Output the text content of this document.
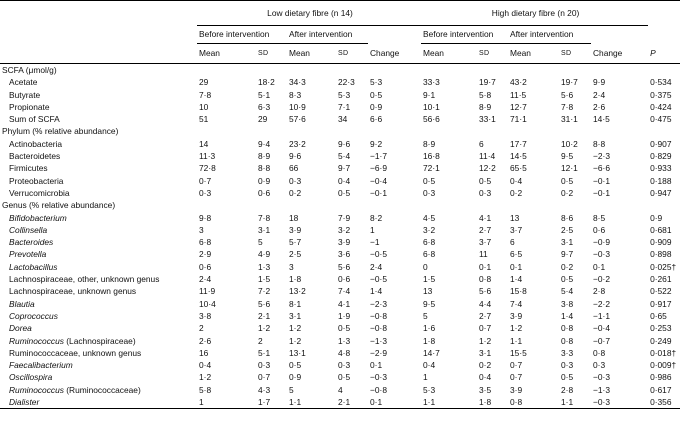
	Low dietary fibre (n 14)					High dietary fibre (n 20)					
	Before intervention		After intervention			Before intervention		After intervention			
	Mean	SD	Mean	SD	Change	Mean	SD	Mean	SD	Change	P
SCFA (μmol/g)											
Acetate	29	18·2	34·3	22·3	5·3	33·3	19·7	43·2	19·7	9·9	0·534
Butyrate	7·8	5·1	8·3	5·3	0·5	9·1	5·8	11·5	5·6	2·4	0·375
Propionate	10	6·3	10·9	7·1	0·9	10·1	8·9	12·7	7·8	2·6	0·424
Sum of SCFA	51	29	57·6	34	6·6	56·6	33·1	71·1	31·1	14·5	0·475
Phylum (% relative abundance)											
Actinobacteria	14	9·4	23·2	9·6	9·2	8·9	6	17·7	10·2	8·8	0·907
Bacteroidetes	11·3	8·9	9·6	5·4	−1·7	16·8	11·4	14·5	9·5	−2·3	0·829
Firmicutes	72·8	8·8	66	9·7	−6·9	72·1	12·2	65·5	12·1	−6·6	0·933
Proteobacteria	0·7	0·9	0·3	0·4	−0·4	0·5	0·5	0·4	0·5	−0·1	0·188
Verrucomicrobia	0·3	0·6	0·2	0·5	−0·1	0·3	0·3	0·2	0·2	−0·1	0·947
Genus (% relative abundance)											
Bifidobacterium	9·8	7·8	18	7·9	8·2	4·5	4·1	13	8·6	8·5	0·9
Collinsella	3	3·1	3·9	3·2	1	3·2	2·7	3·7	2·5	0·6	0·681
Bacteroides	6·8	5	5·7	3·9	−1	6·8	3·7	6	3·1	−0·9	0·909
Prevotella	2·9	4·9	2·5	3·6	−0·5	6·8	11	6·5	9·7	−0·3	0·898
Lactobacillus	0·6	1·3	3	5·6	2·4	0	0·1	0·1	0·2	0·1	0·025†
Lachnospiraceae, other, unknown genus	2·4	1·5	1·8	0·6	−0·5	1·5	0·8	1·4	0·5	−0·2	0·261
Lachnospiraceae, unknown genus	11·9	7·2	13·2	7·4	1·4	13	5·6	15·8	5·4	2·8	0·522
Blautia	10·4	5·6	8·1	4·1	−2·3	9·5	4·4	7·4	3·8	−2·2	0·917
Coprococcus	3·8	2·1	3·1	1·9	−0·8	5	2·7	3·9	1·4	−1·1	0·65
Dorea	2	1·2	1·2	0·5	−0·8	1·6	0·7	1·2	0·8	−0·4	0·253
Ruminococcus (Lachnospiraceae)	2·6	2	1·2	1·3	−1·3	1·8	1·2	1·1	0·8	−0·7	0·249
Ruminococcaceae, unknown genus	16	5·1	13·1	4·8	−2·9	14·7	3·1	15·5	3·3	0·8	0·018†
Faecalibacterium	0·4	0·3	0·5	0·3	0·1	0·4	0·2	0·7	0·3	0·3	0·009†
Oscillospira	1·2	0·7	0·9	0·5	−0·3	1	0·4	0·7	0·5	−0·3	0·986
Ruminococcus (Ruminococcaceae)	5·8	4·3	5	4	−0·8	5·3	3·5	3·9	2·8	−1·3	0·617
Dialister	1	1·7	1·1	2·1	0·1	1·1	1·8	0·8	1·1	−0·3	0·356
